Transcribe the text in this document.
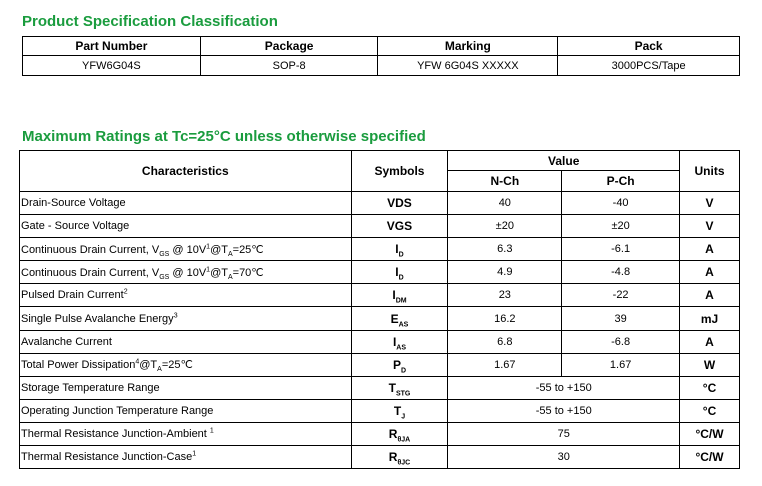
Product Specification Classification
Part Number	Package	Marking	Pack
YFW6G04S	SOP-8	YFW 6G04S XXXXX	3000PCS/Tape
Maximum Ratings at Tc=25°C unless otherwise specified
Characteristics	Symbols	Value		Units
		N-Ch	P-Ch	
Drain-Source Voltage	VDS	40	-40	V
Gate - Source Voltage	VGS	±20	±20	V
Continuous Drain Current, $V_{GS}$ @ $10V^1@T_A=25℃$	$I_D$	6.3	-6.1	A
Continuous Drain Current, $V_{GS}$ @ $10V^1@T_A=70℃$	$I_D$	4.9	-4.8	A
Pulsed Drain Current$^2$	$I_{DM}$	23	-22	A
Single Pulse Avalanche Energy$^3$	$E_{AS}$	16.2	39	mJ
Avalanche Current	$I_{AS}$	6.8	-6.8	A
Total Power $Dissipation^4@T_A=25℃$	$P_D$	1.67	1.67	W
Storage Temperature Range	$T_{STG}$	-55 to +150		°C
Operating Junction Temperature Range	$T_J$	-55 to +150		°C
Thermal Resistance Junction-Ambient $^1$	$R_{\theta JA}$	75		°C/W
Thermal Resistance Junction-Case$^1$	$R_{\theta JC}$	30		°C/W
